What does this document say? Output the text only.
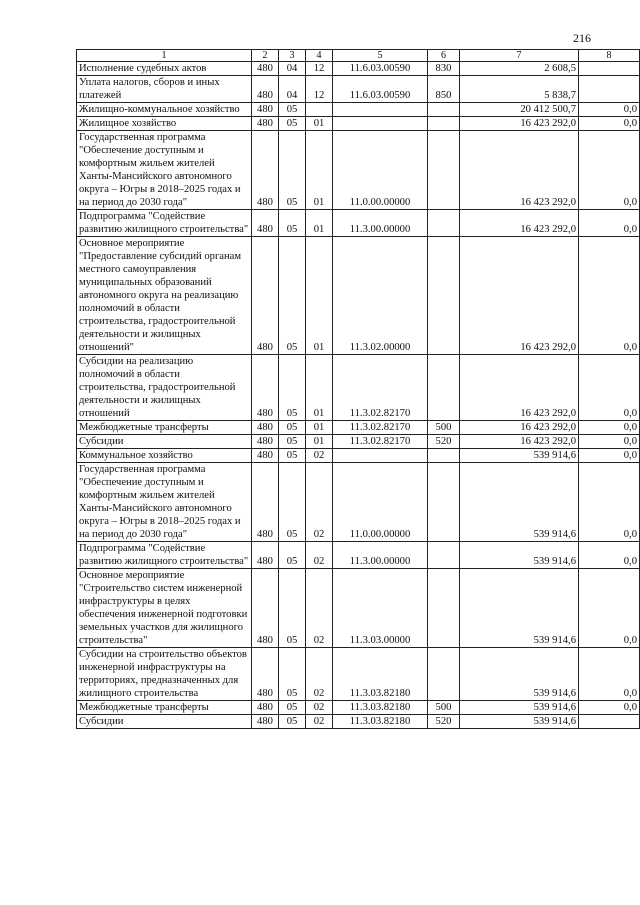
216
1	2	3	4	5	6	7	8
Исполнение судебных актов	480	04	12	11.6.03.00590	830	2 608,5	
Уплата налогов, сборов и иных платежей	480	04	12	11.6.03.00590	850	5 838,7	
Жилищно-коммунальное хозяйство	480	05				20 412 500,7	0,0
Жилищное хозяйство	480	05	01			16 423 292,0	0,0
Государственная программа "Обеспечение доступным и комфортным жильем жителей Ханты-Мансийского автономного округа – Югры в 2018–2025 годах и на период до 2030 года"	480	05	01	11.0.00.00000		16 423 292,0	0,0
Подпрограмма "Содействие развитию жилищного строительства"	480	05	01	11.3.00.00000		16 423 292,0	0,0
Основное мероприятие "Предоставление субсидий органам местного самоуправления муниципальных образований автономного округа на реализацию полномочий в области строительства, градостроительной деятельности и жилищных отношений"	480	05	01	11.3.02.00000		16 423 292,0	0,0
Субсидии на реализацию полномочий в области строительства, градостроительной деятельности и жилищных отношений	480	05	01	11.3.02.82170		16 423 292,0	0,0
Межбюджетные трансферты	480	05	01	11.3.02.82170	500	16 423 292,0	0,0
Субсидии	480	05	01	11.3.02.82170	520	16 423 292,0	0,0
Коммунальное хозяйство	480	05	02			539 914,6	0,0
Государственная программа "Обеспечение доступным и комфортным жильем жителей Ханты-Мансийского автономного округа – Югры в 2018–2025 годах и на период до 2030 года"	480	05	02	11.0.00.00000		539 914,6	0,0
Подпрограмма "Содействие развитию жилищного строительства"	480	05	02	11.3.00.00000		539 914,6	0,0
Основное мероприятие "Строительство систем инженерной инфраструктуры в целях обеспечения инженерной подготовки земельных участков для жилищного строительства"	480	05	02	11.3.03.00000		539 914,6	0,0
Субсидии на строительство объектов инженерной инфраструктуры на территориях, предназначенных для жилищного строительства	480	05	02	11.3.03.82180		539 914,6	0,0
Межбюджетные трансферты	480	05	02	11.3.03.82180	500	539 914,6	0,0
Субсидии	480	05	02	11.3.03.82180	520	539 914,6	
